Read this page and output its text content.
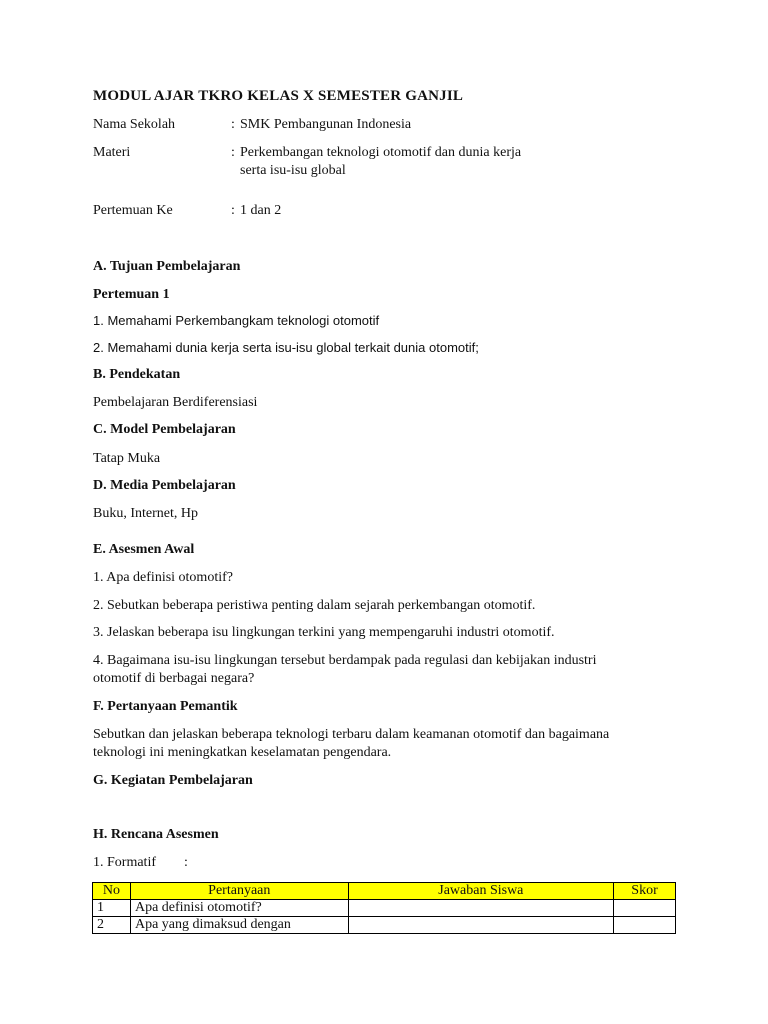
MODUL AJAR TKRO KELAS X SEMESTER GANJIL
Nama Sekolah	: SMK Pembangunan Indonesia
Materi	: Perkembangan teknologi otomotif dan dunia kerja
serta isu-isu global
Pertemuan Ke	: 1 dan 2
A. Tujuan Pembelajaran
Pertemuan 1
1. Memahami Perkembangkam teknologi otomotif
2. Memahami dunia kerja serta isu-isu global terkait dunia otomotif;
B. Pendekatan
Pembelajaran Berdiferensiasi
C. Model Pembelajaran
Tatap Muka
D. Media Pembelajaran
Buku, Internet, Hp
E. Asesmen Awal
1. Apa definisi otomotif?
2. Sebutkan beberapa peristiwa penting dalam sejarah perkembangan otomotif.
3. Jelaskan beberapa isu lingkungan terkini yang mempengaruhi industri otomotif.
4. Bagaimana isu-isu lingkungan tersebut berdampak pada regulasi dan kebijakan industri
otomotif di berbagai negara?
F. Pertanyaan Pemantik
Sebutkan dan jelaskan beberapa teknologi terbaru dalam keamanan otomotif dan bagaimana
teknologi ini meningkatkan keselamatan pengendara.
G. Kegiatan Pembelajaran
H. Rencana Asesmen
1. Formatif :
No	Pertanyaan	Jawaban Siswa	Skor
1	Apa definisi otomotif?		
2	Apa yang dimaksud dengan		
